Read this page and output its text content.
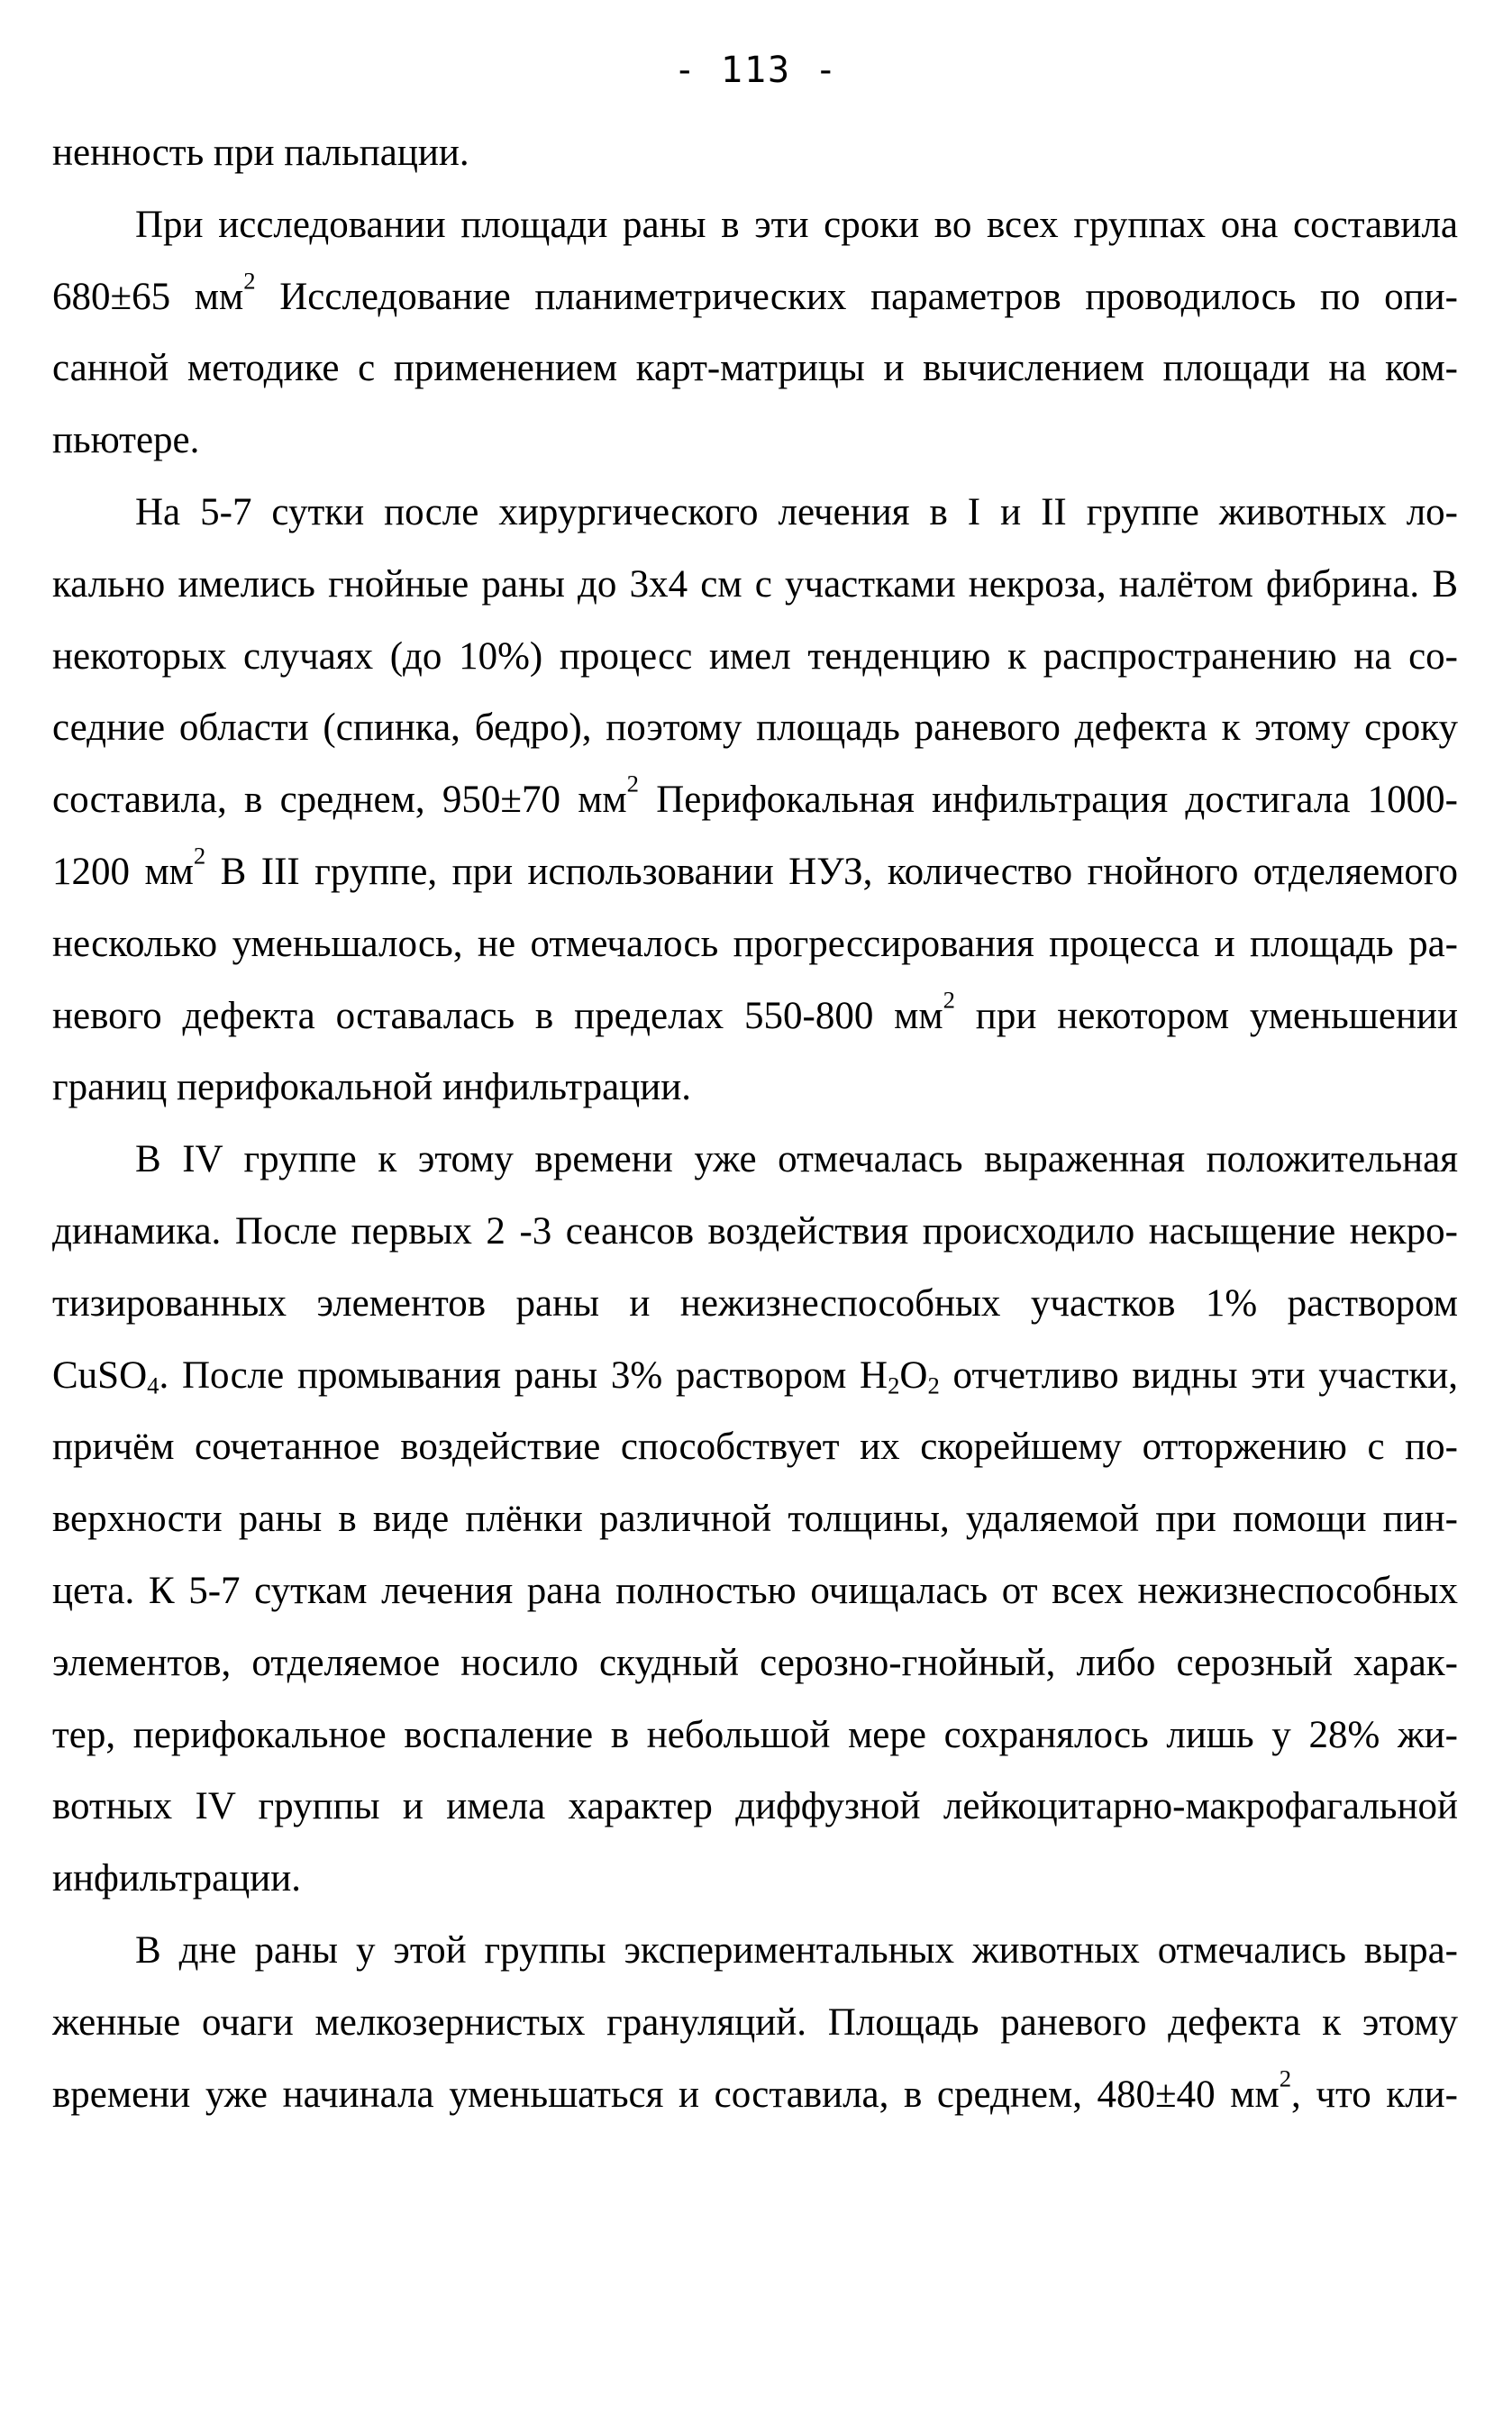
- 113 -
ненность при пальпации.
При исследовании площади раны в эти сроки во всех группах она составила
680±65 $мм^2$ Исследование планиметрических параметров проводилось по опи-
санной методике с применением карт-матрицы и вычислением площади на ком-
пьютере.
На 5-7 сутки после хирургического лечения в I и II группе животных ло-
кально имелись гнойные раны до 3х4 см с участками некроза, налётом фибрина. В
некоторых случаях (до 10%) процесс имел тенденцию к распространению на со-
седние области (спинка, бедро), поэтому площадь раневого дефекта к этому сроку
составила, в среднем, 950±70 $мм^2$ Перифокальная инфильтрация достигала 1000-
1200 $мм^2$ В III группе, при использовании НУЗ, количество гнойного отделяемого
несколько уменьшалось, не отмечалось прогрессирования процесса и площадь ра-
невого дефекта оставалась в пределах 550-800 $мм^2$ при некотором уменьшении
границ перифокальной инфильтрации.
В IV группе к этому времени уже отмечалась выраженная положительная
динамика. После первых 2 -3 сеансов воздействия происходило насыщение некро-
тизированных элементов раны и нежизнеспособных участков 1% раствором
CuSO$_4$. После промывания раны 3% раствором $H_2O_2$ отчетливо видны эти участки,
причём сочетанное воздействие способствует их скорейшему отторжению с по-
верхности раны в виде плёнки различной толщины, удаляемой при помощи пин-
цета. К 5-7 суткам лечения рана полностью очищалась от всех нежизнеспособных
элементов, отделяемое носило скудный серозно-гнойный, либо серозный харак-
тер, перифокальное воспаление в небольшой мере сохранялось лишь у 28% жи-
вотных IV группы и имела характер диффузной лейкоцитарно-макрофагальной
инфильтрации.
В дне раны у этой группы экспериментальных животных отмечались выра-
женные очаги мелкозернистых грануляций. Площадь раневого дефекта к этому
времени уже начинала уменьшаться и составила, в среднем, 480±40 $мм^2$, что кли-
